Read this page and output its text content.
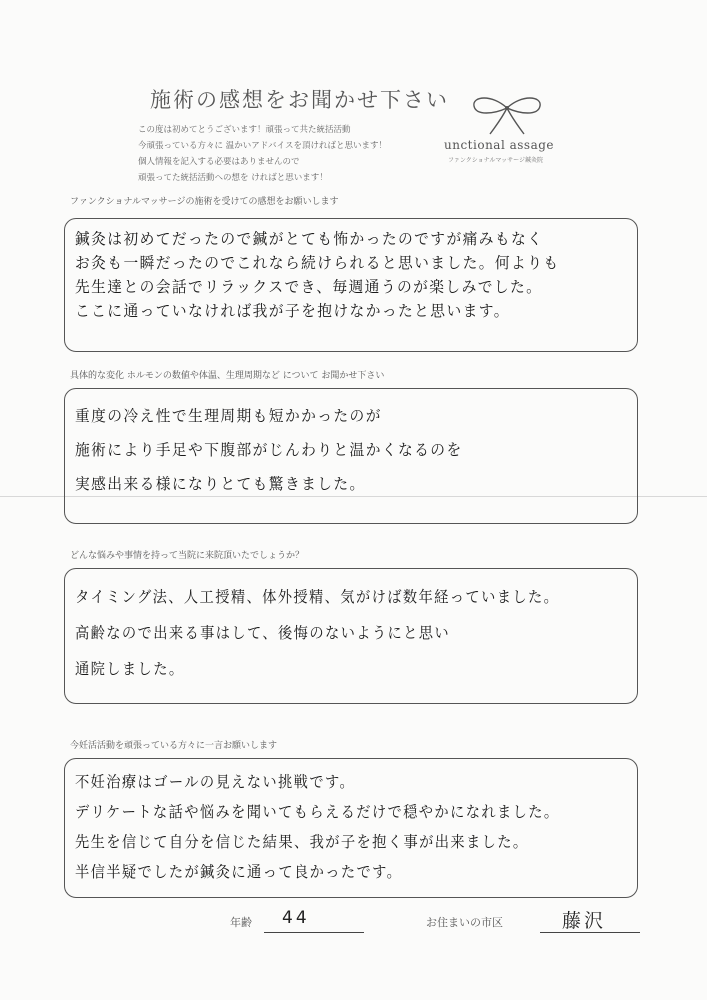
施術の感想をお聞かせ下さい
この度は初めてとうございます！頑張って共た統括活動
今頑張っている方々に 温かいアドバイスを頂ければと思います！
個人情報を記入する必要はありませんので
頑張ってた統括活動への想を ければと思います！
unctional assage
ファンクショナルマッサージ鍼灸院
ファンクショナルマッサージの施術を受けての感想をお願いします
鍼灸は初めてだったので鍼がとても怖かったのですが痛みもなく
お灸も一瞬だったのでこれなら続けられると思いました。何よりも
先生達との会話でリラックスでき、毎週通うのが楽しみでした。
ここに通っていなければ我が子を抱けなかったと思います。
具体的な変化 ホルモンの数値や体温、生理周期など について お聞かせ下さい
重度の冷え性で生理周期も短かかったのが
施術により手足や下腹部がじんわりと温かくなるのを
実感出来る様になりとても驚きました。
どんな悩みや事情を持って当院に来院頂いたでしょうか？
タイミング法、人工授精、体外授精、気がけば数年経っていました。
高齢なので出来る事はして、後悔のないようにと思い
通院しました。
今妊活活動を頑張っている方々に一言お願いします
不妊治療はゴールの見えない挑戦です。
デリケートな話や悩みを聞いてもらえるだけで穏やかになれました。
先生を信じて自分を信じた結果、我が子を抱く事が出来ました。
半信半疑でしたが鍼灸に通って良かったです。
年齢 44	お住まいの市区	藤沢
